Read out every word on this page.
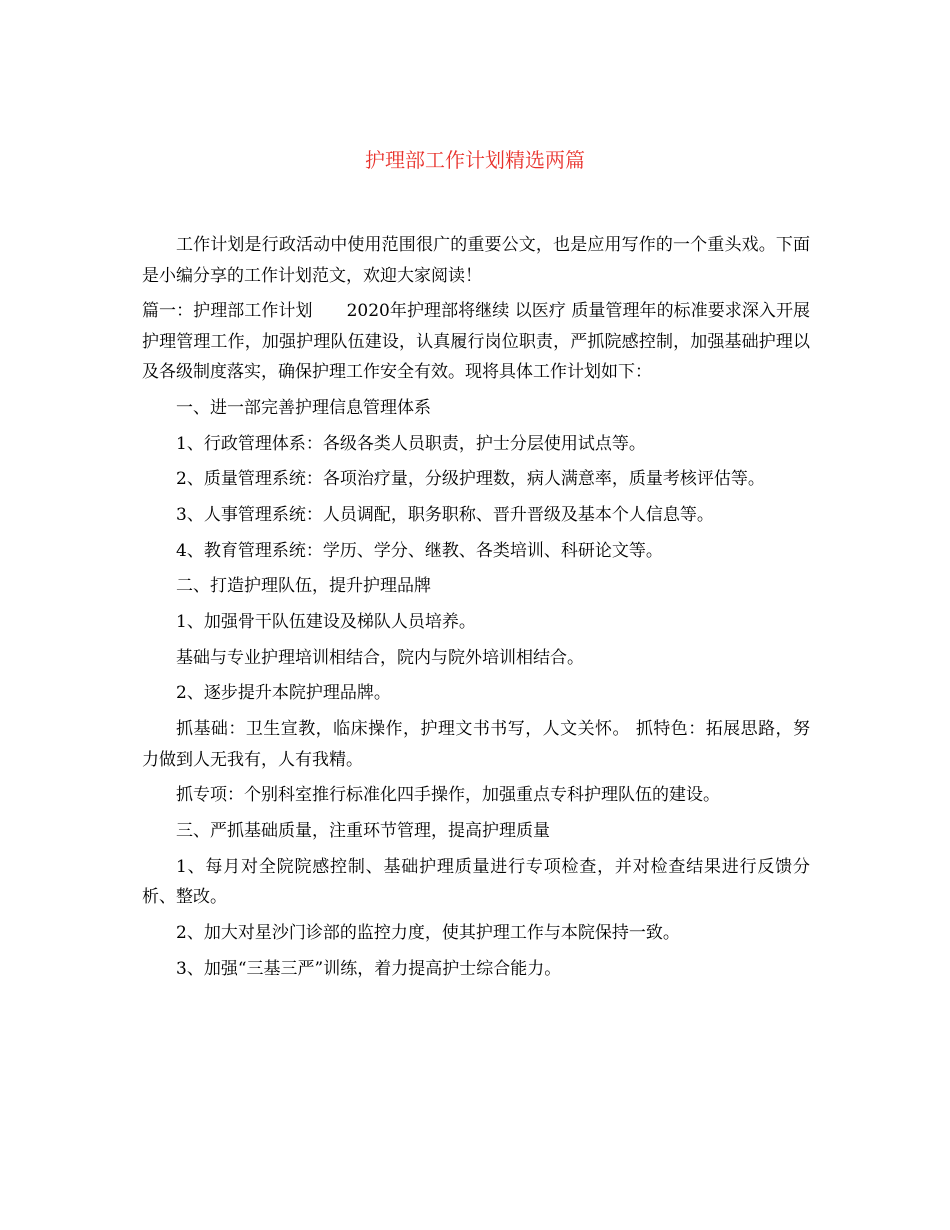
护理部工作计划精选两篇

工作计划是行政活动中使用范围很广的重要公文，也是应用写作的一个重头戏。下面是小编分享的工作计划范文，欢迎大家阅读！

篇一：护理部工作计划　　2020年护理部将继续 以医疗 质量管理年的标准要求深入开展护理管理工作，加强护理队伍建设，认真履行岗位职责，严抓院感控制，加强基础护理以及各级制度落实，确保护理工作安全有效。现将具体工作计划如下：

一、进一部完善护理信息管理体系

1、行政管理体系：各级各类人员职责，护士分层使用试点等。

2、质量管理系统：各项治疗量，分级护理数，病人满意率，质量考核评估等。

3、人事管理系统：人员调配，职务职称、晋升晋级及基本个人信息等。

4、教育管理系统：学历、学分、继教、各类培训、科研论文等。

二、打造护理队伍，提升护理品牌

1、加强骨干队伍建设及梯队人员培养。

基础与专业护理培训相结合，院内与院外培训相结合。

2、逐步提升本院护理品牌。

抓基础：卫生宣教，临床操作，护理文书书写，人文关怀。 抓特色：拓展思路，努力做到人无我有，人有我精。

抓专项：个别科室推行标准化四手操作，加强重点专科护理队伍的建设。

三、严抓基础质量，注重环节管理，提高护理质量

1、每月对全院院感控制、基础护理质量进行专项检查，并对检查结果进行反馈分析、整改。

2、加大对星沙门诊部的监控力度，使其护理工作与本院保持一致。

3、加强“三基三严”训练，着力提高护士综合能力。
